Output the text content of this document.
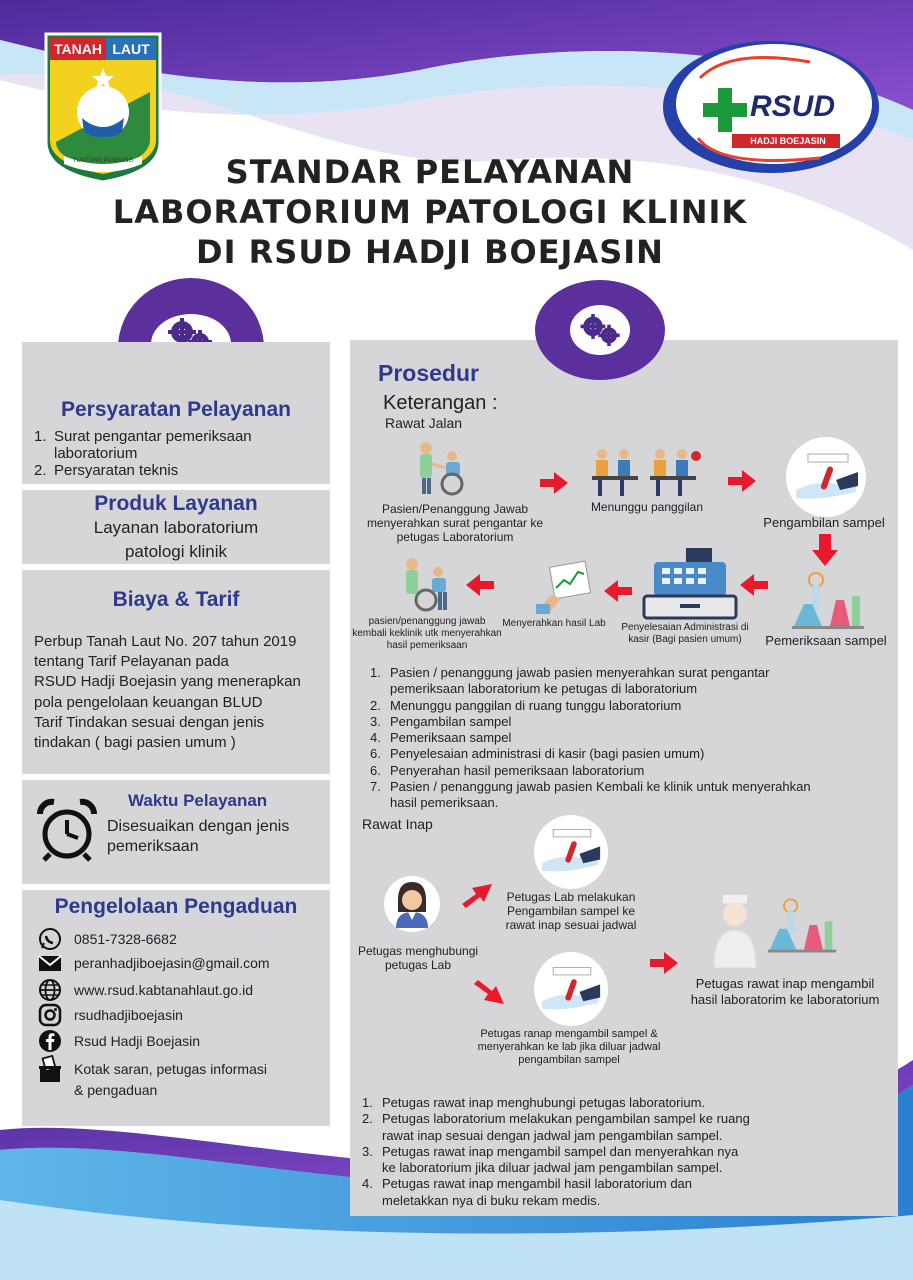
TANAH LAUT
TUNTUNG PANDANG
RSUD
HADJI BOEJASIN
STANDAR PELAYANAN
LABORATORIUM PATOLOGI KLINIK
DI RSUD HADJI BOEJASIN
Persyaratan Pelayanan
1. Surat pengantar pemeriksaan laboratorium
2. Persyaratan teknis
Produk Layanan
Layanan laboratorium
patologi klinik
Biaya & Tarif
Perbup Tanah Laut No. 207 tahun 2019
tentang Tarif Pelayanan pada
RSUD Hadji Boejasin yang menerapkan
pola pengelolaan keuangan BLUD
Tarif Tindakan sesuai dengan jenis
tindakan ( bagi pasien umum )
Waktu Pelayanan
Disesuaikan dengan jenis
pemeriksaan
Pengelolaan Pengaduan
0851-7328-6682
peranhadjiboejasin@gmail.com
www.rsud.kabtanahlaut.go.id
rsudhadjiboejasin
Rsud Hadji Boejasin
Kotak saran, petugas informasi
& pengaduan
Prosedur
Keterangan :
Rawat Jalan
Pasien/Penanggung Jawab menyerahkan surat pengantar ke petugas Laboratorium
Menunggu panggilan
Pengambilan sampel
Pemeriksaan sampel
Penyelesaian Administrasi di kasir (Bagi pasien umum)
Menyerahkan hasil Lab
pasien/penanggung jawab kembali keklinik utk menyerahkan hasil pemeriksaan
1. Pasien / penanggung jawab pasien menyerahkan surat pengantar
pemeriksaan laboratorium ke petugas di laboratorium
2. Menunggu panggilan di ruang tunggu laboratorium
3. Pengambilan sampel
4. Pemeriksaan sampel
6. Penyelesaian administrasi di kasir (bagi pasien umum)
6. Penyerahan hasil pemeriksaan laboratorium
7. Pasien / penanggung jawab pasien Kembali ke klinik untuk menyerahkan
hasil pemeriksaan.
Rawat Inap
Petugas menghubungi petugas Lab
Petugas Lab melakukan Pengambilan sampel ke rawat inap sesuai jadwal
Petugas ranap mengambil sampel & menyerahkan ke lab jika diluar jadwal pengambilan sampel
Petugas rawat inap mengambil hasil laboratorim ke laboratorium
1. Petugas rawat inap menghubungi petugas laboratorium.
2. Petugas laboratorium melakukan pengambilan sampel ke ruang
rawat inap sesuai dengan jadwal jam pengambilan sampel.
3. Petugas rawat inap mengambil sampel dan menyerahkan nya
ke laboratorium jika diluar jadwal jam pengambilan sampel.
4. Petugas rawat inap mengambil hasil laboratorium dan
meletakkan nya di buku rekam medis.
